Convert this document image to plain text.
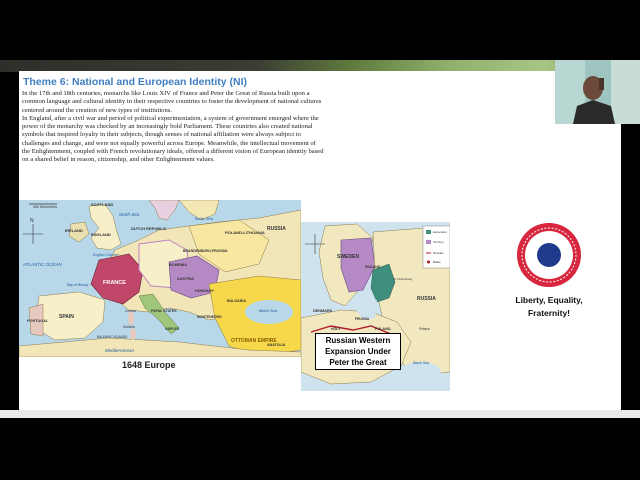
Theme 6: National and European Identity (NI)

In the 17th and 18th centuries, monarchs like Louis XIV of France and Peter the Great of Russia built upon a common language and cultural identity in their respective countries to foster the development of national cultures centered around the creation of new types of institutions.

In England, after a civil war and period of political experimentation, a system of government emerged where the power of the monarchy was checked by an increasingly bold Parliament. These countries also created national symbols that inspired loyalty in their subjects, though senses of national affiliation were always subject to challenges and change, and were not equally powerful across Europe. Meanwhile, the intellectual movement of the Enlightenment, coupled with French revolutionary ideals, offered a different vision of European identity based on a shared belief in reason, citizenship, and other Enlightenment values.

N
400 Kilometers	SCOTLAND
North Sea
DUTCH REPUBLIC
IRELAND
ENGLAND
English Channel
ATLANTIC OCEAN
Bay of Biscay	FRANCE
PORTUGAL
SPAIN
POLAND-LITHUANIA
RUSSIA
BRANDENBURG-PRUSSIA
BOHEMIA
AUSTRIA
HUNGARY
OTTOMAN EMPIRE
Black Sea
PAPAL STATES
NAPLES
Corsica
Sardinia
BALEARIC ISLANDS
Mediterranean
BULGARIA
ANATOLIA
MONTENEGRO
Baltic Sea
1648 Europe
Expansion
Territory
Russian
Battle
SWEDEN
FINLAND
RUSSIA
St. Petersburg
DENMARK
HOLY
PRUSSIA
POLAND-	Poltava
Black Sea
Russian Western Expansion Under Peter the Great
Liberty, Equality, Fraternity!
